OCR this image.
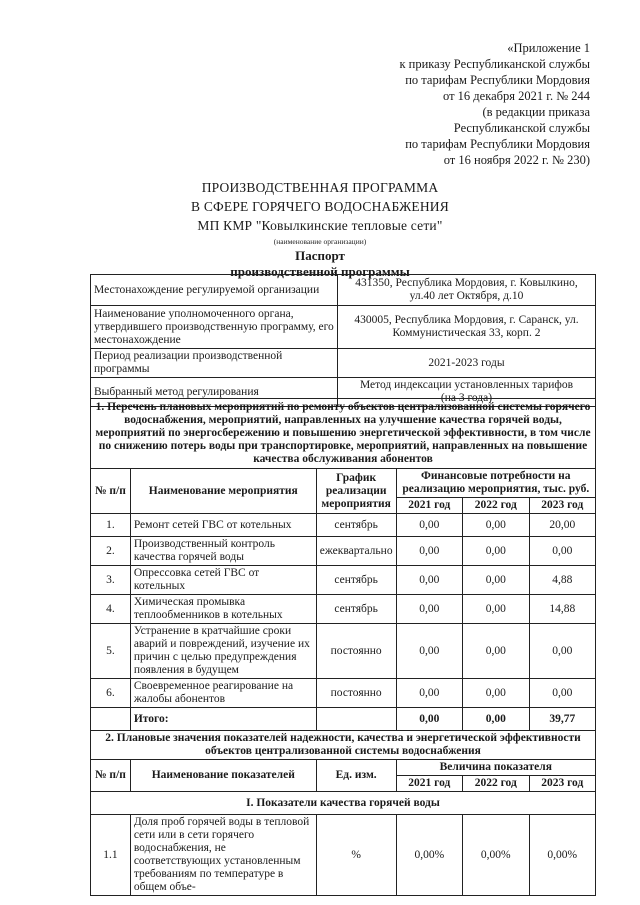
«Приложение 1
к приказу Республиканской службы
по тарифам Республики Мордовия
от 16 декабря 2021 г. № 244
(в редакции приказа
Республиканской службы
по тарифам Республики Мордовия
от 16 ноября 2022 г. № 230)
ПРОИЗВОДСТВЕННАЯ ПРОГРАММА
В СФЕРЕ ГОРЯЧЕГО ВОДОСНАБЖЕНИЯ
МП КМР "Ковылкинские тепловые сети"
(наименование организации)
Паспорт
производственной программы
Местонахождение регулируемой организации	431350, Республика Мордовия, г. Ковылкино,
ул.40 лет Октября, д.10

Наименование уполномоченного органа, утвердившего производственную программу, его местонахождение	430005, Республика Мордовия, г. Саранск, ул.
Коммунистическая 33, корп. 2

Период реализации производственной программы	2021-2023 годы

Выбранный метод регулирования	Метод индексации установленных тарифов
(на 3 года)
1. Перечень плановых мероприятий по ремонту объектов централизованной системы горячего водоснабжения, мероприятий, направленных на улучшение качества горячей воды, мероприятий по энергосбережению и повышению энергетической эффективности, в том числе по снижению потерь воды при транспортировке, мероприятий, направленных на повышение качества обслуживания абонентов					
№ п/п	Наименование мероприятия	График реализации мероприятия	Финансовые потребности на реализацию мероприятия, тыс. руб.		
			2021 год	2022 год	2023 год
1.	Ремонт сетей ГВС от котельных	сентябрь	0,00	0,00	20,00
2.	Производственный контроль качества горячей воды	ежеквартально	0,00	0,00	0,00
3.	Опрессовка сетей ГВС от котельных	сентябрь	0,00	0,00	4,88
4.	Химическая промывка теплообменников в котельных	сентябрь	0,00	0,00	14,88
5.	Устранение в кратчайшие сроки аварий и повреждений, изучение их причин с целью предупреждения появления в будущем	постоянно	0,00	0,00	0,00
6.	Своевременное реагирование на жалобы абонентов	постоянно	0,00	0,00	0,00
	Итого:		0,00	0,00	39,77
2. Плановые значения показателей надежности, качества и энергетической эффективности объектов централизованной системы водоснабжения					
№ п/п	Наименование показателей	Ед. изм.	Величина показателя		
			2021 год	2022 год	2023 год
I. Показатели качества горячей воды					
1.1	Доля проб горячей воды в тепловой сети или в сети горячего водоснабжения, не соответствующих установленным требованиям по температуре в общем объе-	%	0,00%	0,00%	0,00%
